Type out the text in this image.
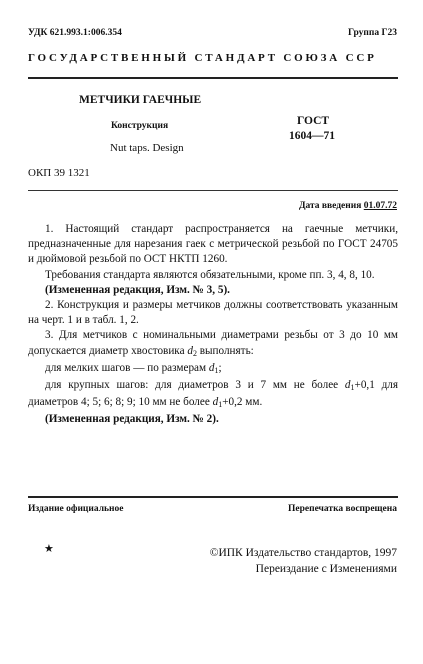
УДК 621.993.1:006.354	Группа Г23
ГОСУДАРСТВЕННЫЙ СТАНДАРТ СОЮЗА ССР
МЕТЧИКИ ГАЕЧНЫЕ
Конструкция
Nut taps. Design
ГОСТ
1604—71
ОКП 39 1321
Дата введения 01.07.72

1. Настоящий стандарт распространяется на гаечные метчики, предназначенные для нарезания гаек с метрической резьбой по ГОСТ 24705 и дюймовой резьбой по ОСТ НКТП 1260.

Требования стандарта являются обязательными, кроме пп. 3, 4, 8, 10.

(Измененная редакция, Изм. № 3, 5).

2. Конструкция и размеры метчиков должны соответствовать указанным на черт. 1 и в табл. 1, 2.

3. Для метчиков с номинальными диаметрами резьбы от 3 до 10 мм допускается диаметр хвостовика $d_2$ выполнять:

для мелких шагов — по размерам $d_1$;

для крупных шагов: для диаметров 3 и 7 мм не более $d_1+0,1$ для диаметров 4; 5; 6; 8; 9; 10 мм не более $d_1+0,2$ мм.

(Измененная редакция, Изм. № 2).

Издание официальное	Перепечатка воспрещена
★	©ИПК Издательство стандартов, 1997
Переиздание с Изменениями
